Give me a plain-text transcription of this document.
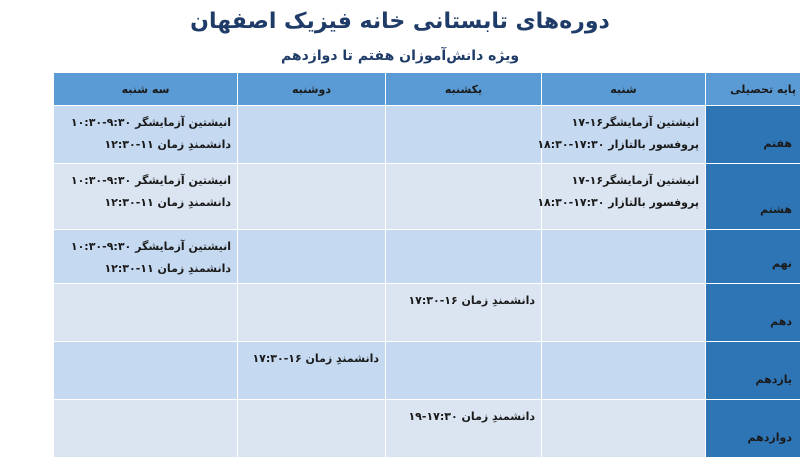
دوره‌های تابستانی خانه فیزیک اصفهان
ویژه دانش‌آموزان هفتم تا دوازدهم
پایه تحصیلی	شنبه	یکشنبه	دوشنبه	سه شنبه
هفتم	انیشتین آزمایشگر۱۶-۱۷
پروفسور بالتازار ۱۷:۳۰-۱۸:۳۰			انیشتین آزمایشگر ۹:۳۰-۱۰:۳۰
دانشمندِ زمان ۱۱-۱۲:۳۰

هشتم	انیشتین آزمایشگر۱۶-۱۷
پروفسور بالتازار ۱۷:۳۰-۱۸:۳۰			انیشتین آزمایشگر ۹:۳۰-۱۰:۳۰
دانشمندِ زمان ۱۱-۱۲:۳۰

نهم				انیشتین آزمایشگر ۹:۳۰-۱۰:۳۰
دانشمندِ زمان ۱۱-۱۲:۳۰

دهم		دانشمندِ زمان ۱۶-۱۷:۳۰		

یازدهم			دانشمندِ زمان ۱۶-۱۷:۳۰	

دوازدهم		دانشمندِ زمان ۱۷:۳۰-۱۹		
